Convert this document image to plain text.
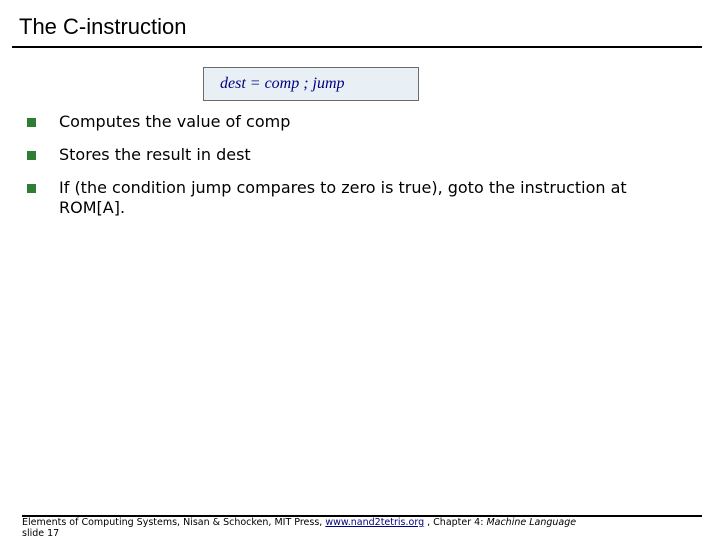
The C-instruction
dest = comp ; jump
Computes the value of comp
Stores the result in dest
If (the condition jump compares to zero is true), goto the instruction at ROM[A].
Elements of Computing Systems, Nisan & Schocken, MIT Press, www.nand2tetris.org , Chapter 4: Machine Language
slide 17
